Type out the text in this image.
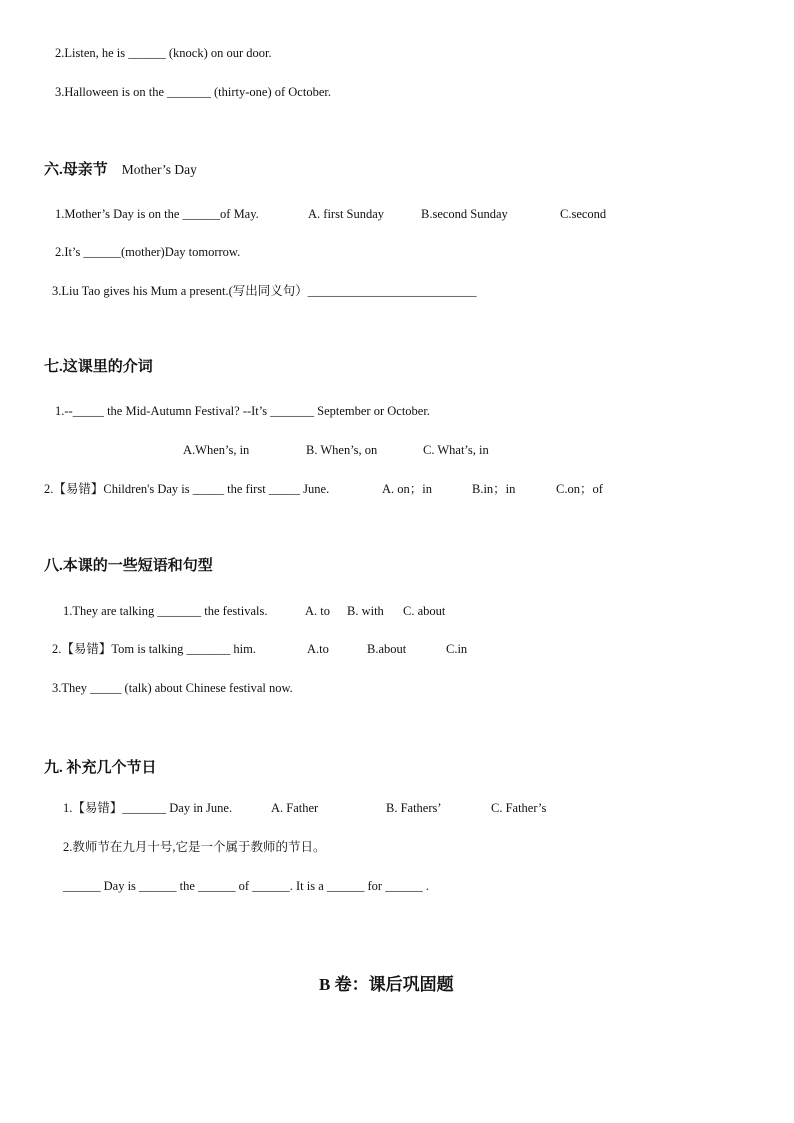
2.Listen, he is ______ (knock) on our door.
3.Halloween is on the _______ (thirty-one) of October.
六.母亲节 Mother’s Day
1.Mother’s Day is on the ______of May.	A. first Sunday	B.second Sunday	C.second
2.It’s ______(mother)Day tomorrow.
3.Liu Tao gives his Mum a present.(写出同义句）___________________________
七.这课里的介词
1.--_____ the Mid-Autumn Festival? --It’s _______ September or October.
A.When’s, in	B. When’s, on	C. What’s, in
2.【易错】Children's Day is _____ the first _____ June.	A. on；in	B.in；in	C.on；of
八.本课的一些短语和句型
1.They are talking _______ the festivals.	A. to B. with C. about
2.【易错】Tom is talking _______ him.	A.to	B.about	C.in
3.They _____ (talk) about Chinese festival now.
九. 补充几个节日
1.【易错】_______ Day in June.	A. Father	B. Fathers’	C. Father’s
2.教师节在九月十号,它是一个属于教师的节日。
______ Day is ______ the ______ of ______. It is a ______ for ______ .
B 卷：课后巩固题
